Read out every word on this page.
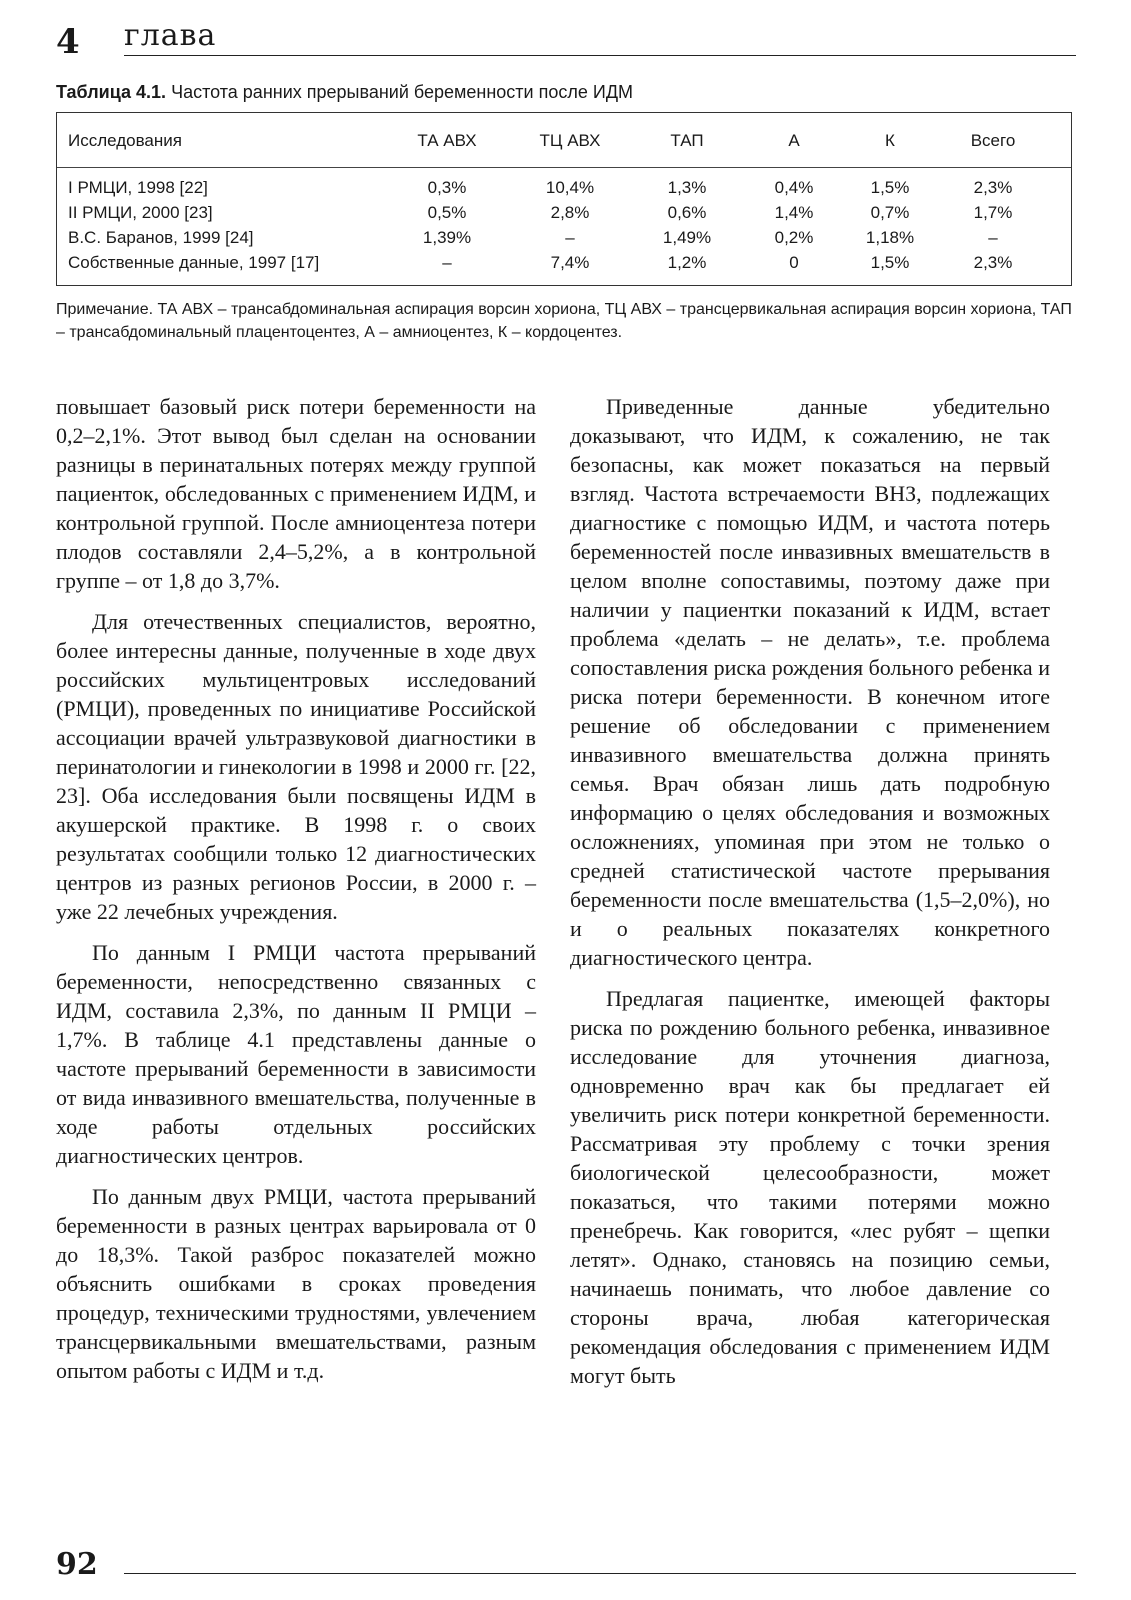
4 глава
Таблица 4.1. Частота ранних прерываний беременности после ИДМ
Исследования	ТА АВХ	ТЦ АВХ	ТАП	А	К	Всего
I РМЦИ, 1998 [22]	0,3%	10,4%	1,3%	0,4%	1,5%	2,3%
II РМЦИ, 2000 [23]	0,5%	2,8%	0,6%	1,4%	0,7%	1,7%
В.С. Баранов, 1999 [24]	1,39%	–	1,49%	0,2%	1,18%	–
Собственные данные, 1997 [17]	–	7,4%	1,2%	0	1,5%	2,3%
Примечание. ТА АВХ – трансабдоминальная аспирация ворсин хориона, ТЦ АВХ – трансцервикальная аспирация ворсин хориона, ТАП – трансабдоминальный плацентоцентез, А – амниоцентез, К – кордоцентез.

повышает базовый риск потери беременности на 0,2–2,1%. Этот вывод был сделан на основании разницы в перинатальных потерях между группой пациенток, обследованных с применением ИДМ, и контрольной группой. После амниоцентеза потери плодов составляли 2,4–5,2%, а в контрольной группе – от 1,8 до 3,7%.

Для отечественных специалистов, вероятно, более интересны данные, полученные в ходе двух российских мультицентровых исследований (РМЦИ), проведенных по инициативе Российской ассоциации врачей ультразвуковой диагностики в перинатологии и гинекологии в 1998 и 2000 гг. [22, 23]. Оба исследования были посвящены ИДМ в акушерской практике. В 1998 г. о своих результатах сообщили только 12 диагностических центров из разных регионов России, в 2000 г. – уже 22 лечебных учреждения.

По данным I РМЦИ частота прерываний беременности, непосредственно связанных с ИДМ, составила 2,3%, по данным II РМЦИ – 1,7%. В таблице 4.1 представлены данные о частоте прерываний беременности в зависимости от вида инвазивного вмешательства, полученные в ходе работы отдельных российских диагностических центров.

По данным двух РМЦИ, частота прерываний беременности в разных центрах варьировала от 0 до 18,3%. Такой разброс показателей можно объяснить ошибками в сроках проведения процедур, техническими трудностями, увлечением трансцервикальными вмешательствами, разным опытом работы с ИДМ и т.д.

Приведенные данные убедительно доказывают, что ИДМ, к сожалению, не так безопасны, как может показаться на первый взгляд. Частота встречаемости ВНЗ, подлежащих диагностике с помощью ИДМ, и частота потерь беременностей после инвазивных вмешательств в целом вполне сопоставимы, поэтому даже при наличии у пациентки показаний к ИДМ, встает проблема «делать – не делать», т.е. проблема сопоставления риска рождения больного ребенка и риска потери беременности. В конечном итоге решение об обследовании с применением инвазивного вмешательства должна принять семья. Врач обязан лишь дать подробную информацию о целях обследования и возможных осложнениях, упоминая при этом не только о средней статистической частоте прерывания беременности после вмешательства (1,5–2,0%), но и о реальных показателях конкретного диагностического центра.

Предлагая пациентке, имеющей факторы риска по рождению больного ребенка, инвазивное исследование для уточнения диагноза, одновременно врач как бы предлагает ей увеличить риск потери конкретной беременности. Рассматривая эту проблему с точки зрения биологической целесообразности, может показаться, что такими потерями можно пренебречь. Как говорится, «лес рубят – щепки летят». Однако, становясь на позицию семьи, начинаешь понимать, что любое давление со стороны врача, любая категорическая рекомендация обследования с применением ИДМ могут быть

92
